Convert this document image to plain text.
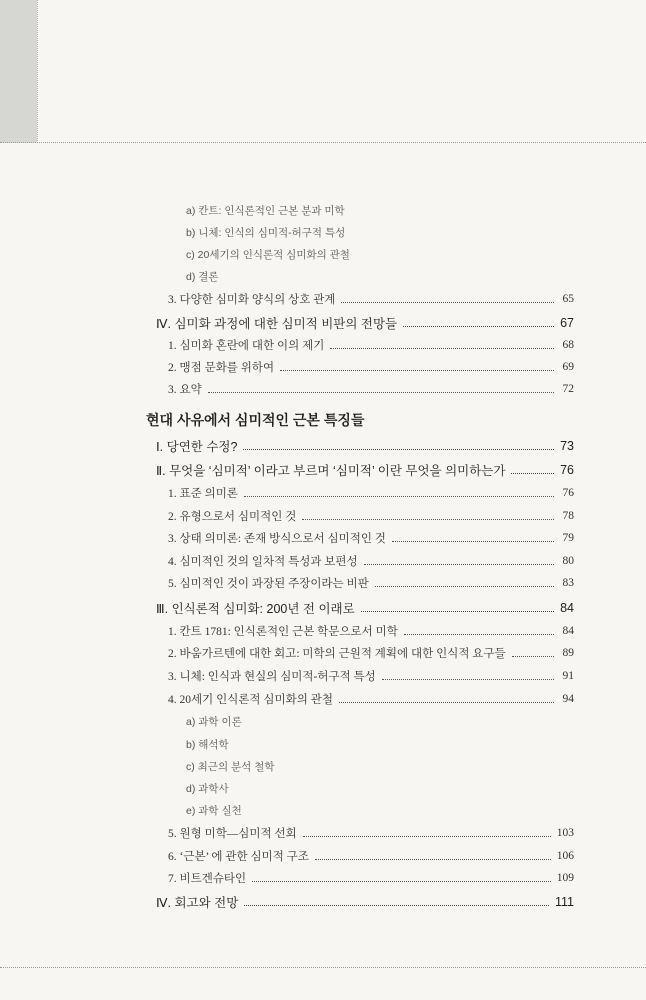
a) 칸트: 인식론적인 근본 분과 미학
b) 니체: 인식의 심미적-허구적 특성
c) 20세기의 인식론적 심미화의 관철
d) 결론
3. 다양한 심미화 양식의 상호 관계	65
Ⅳ. 심미화 과정에 대한 심미적 비판의 전망들	67
1. 심미화 혼란에 대한 이의 제기	68
2. 맹점 문화를 위하여	69
3. 요약	72
현대 사유에서 심미적인 근본 특징들
Ⅰ. 당연한 수정?	73
Ⅱ. 무엇을 ‘심미적’ 이라고 부르며 ‘심미적’ 이란 무엇을 의미하는가	76
1. 표준 의미론	76
2. 유형으로서 심미적인 것	78
3. 상태 의미론: 존재 방식으로서 심미적인 것	79
4. 심미적인 것의 일차적 특성과 보편성	80
5. 심미적인 것이 과장된 주장이라는 비판	83
Ⅲ. 인식론적 심미화: 200년 전 이래로	84
1. 칸트 1781: 인식론적인 근본 학문으로서 미학	84
2. 바움가르텐에 대한 회고: 미학의 근원적 계획에 대한 인식적 요구들	89
3. 니체: 인식과 현실의 심미적-허구적 특성	91
4. 20세기 인식론적 심미화의 관철	94
a) 과학 이론
b) 해석학
c) 최근의 분석 철학
d) 과학사
e) 과학 실천
5. 원형 미학—심미적 선회	103
6. ‘근본’ 에 관한 심미적 구조	106
7. 비트겐슈타인	109
Ⅳ. 회고와 전망	111
